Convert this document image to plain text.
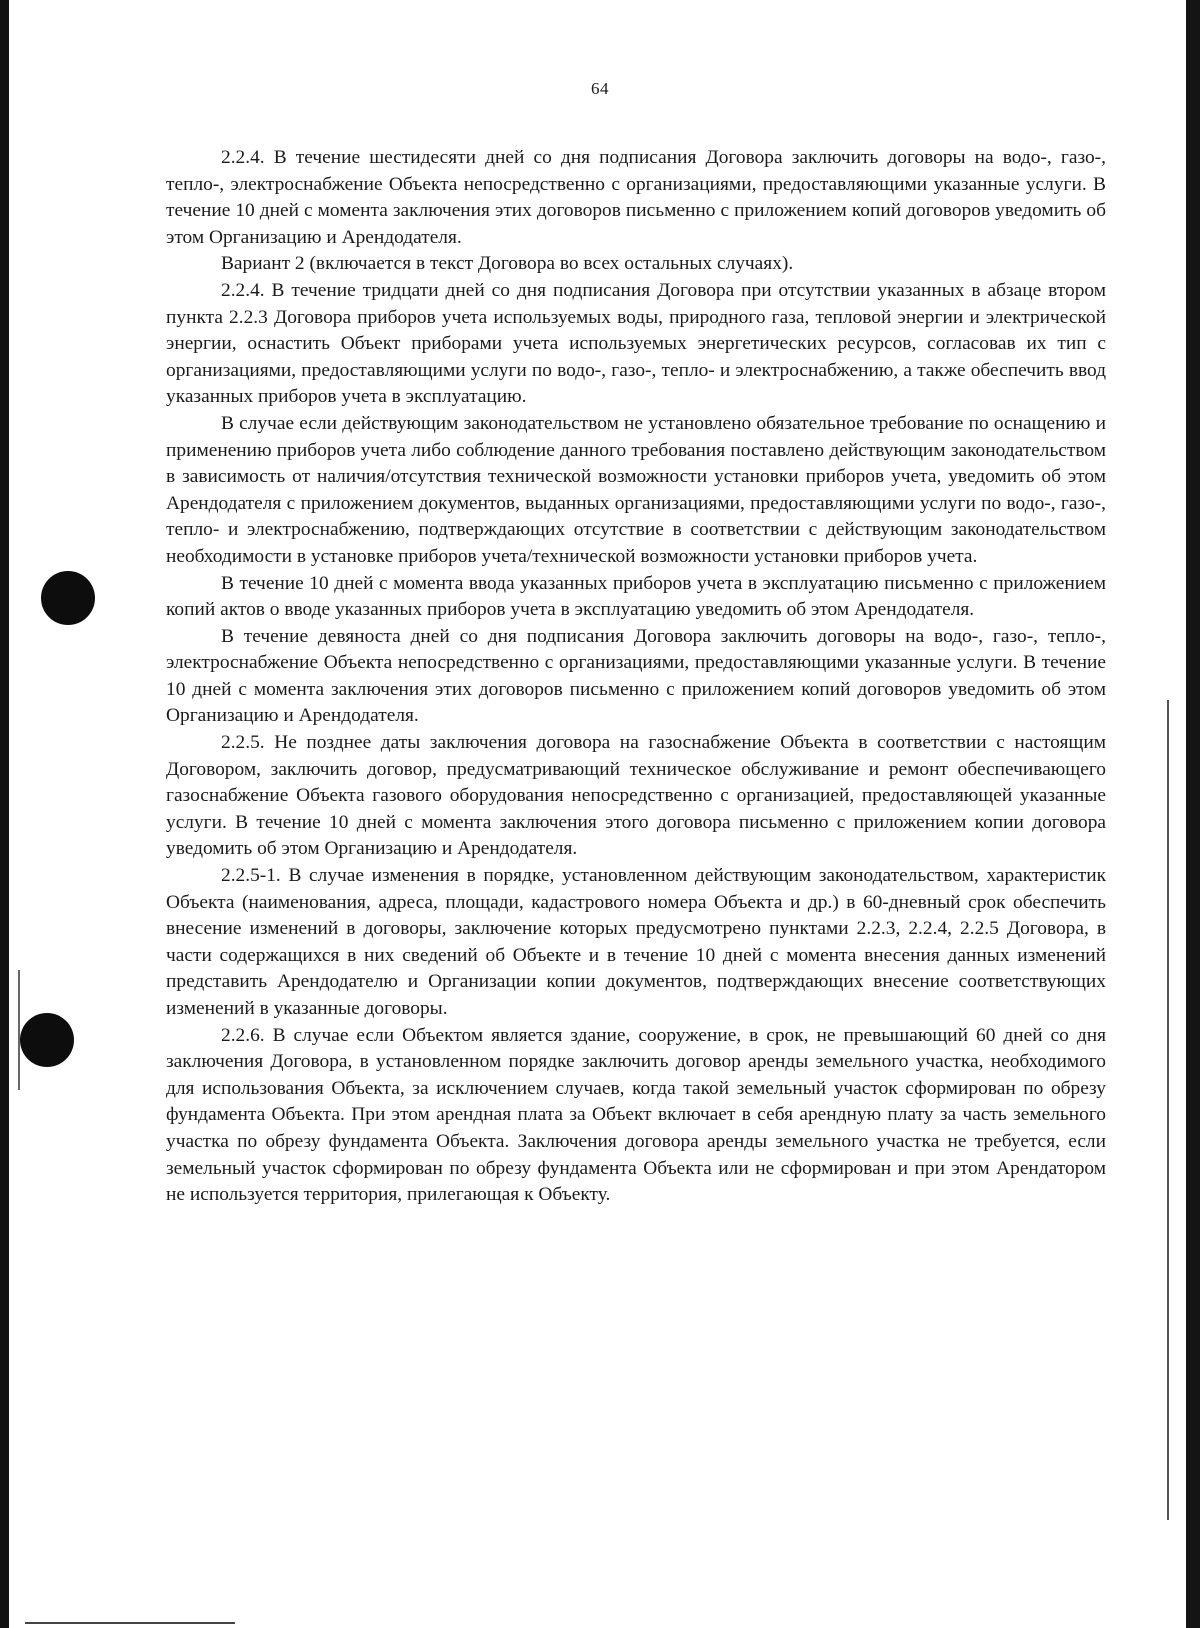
64

2.2.4. В течение шестидесяти дней со дня подписания Договора заключить договоры на водо-, газо-, тепло-, электроснабжение Объекта непосредственно с организациями, предоставляющими указанные услуги. В течение 10 дней с момента заключения этих договоров письменно с приложением копий договоров уведомить об этом Организацию и Арендодателя.

Вариант 2 (включается в текст Договора во всех остальных случаях).

2.2.4. В течение тридцати дней со дня подписания Договора при отсутствии указанных в абзаце втором пункта 2.2.3 Договора приборов учета используемых воды, природного газа, тепловой энергии и электрической энергии, оснастить Объект приборами учета используемых энергетических ресурсов, согласовав их тип с организациями, предоставляющими услуги по водо-, газо-, тепло- и электроснабжению, а также обеспечить ввод указанных приборов учета в эксплуатацию.

В случае если действующим законодательством не установлено обязательное требование по оснащению и применению приборов учета либо соблюдение данного требования поставлено действующим законодательством в зависимость от наличия/отсутствия технической возможности установки приборов учета, уведомить об этом Арендодателя с приложением документов, выданных организациями, предоставляющими услуги по водо-, газо-, тепло- и электроснабжению, подтверждающих отсутствие в соответствии с действующим законодательством необходимости в установке приборов учета/технической возможности установки приборов учета.

В течение 10 дней с момента ввода указанных приборов учета в эксплуатацию письменно с приложением копий актов о вводе указанных приборов учета в эксплуатацию уведомить об этом Арендодателя.

В течение девяноста дней со дня подписания Договора заключить договоры на водо-, газо-, тепло-, электроснабжение Объекта непосредственно с организациями, предоставляющими указанные услуги. В течение 10 дней с момента заключения этих договоров письменно с приложением копий договоров уведомить об этом Организацию и Арендодателя.

2.2.5. Не позднее даты заключения договора на газоснабжение Объекта в соответствии с настоящим Договором, заключить договор, предусматривающий техническое обслуживание и ремонт обеспечивающего газоснабжение Объекта газового оборудования непосредственно с организацией, предоставляющей указанные услуги. В течение 10 дней с момента заключения этого договора письменно с приложением копии договора уведомить об этом Организацию и Арендодателя.

2.2.5-1. В случае изменения в порядке, установленном действующим законодательством, характеристик Объекта (наименования, адреса, площади, кадастрового номера Объекта и др.) в 60-дневный срок обеспечить внесение изменений в договоры, заключение которых предусмотрено пунктами 2.2.3, 2.2.4, 2.2.5 Договора, в части содержащихся в них сведений об Объекте и в течение 10 дней с момента внесения данных изменений представить Арендодателю и Организации копии документов, подтверждающих внесение соответствующих изменений в указанные договоры.

2.2.6. В случае если Объектом является здание, сооружение, в срок, не превышающий 60 дней со дня заключения Договора, в установленном порядке заключить договор аренды земельного участка, необходимого для использования Объекта, за исключением случаев, когда такой земельный участок сформирован по обрезу фундамента Объекта. При этом арендная плата за Объект включает в себя арендную плату за часть земельного участка по обрезу фундамента Объекта. Заключения договора аренды земельного участка не требуется, если земельный участок сформирован по обрезу фундамента Объекта или не сформирован и при этом Арендатором не используется территория, прилегающая к Объекту.
